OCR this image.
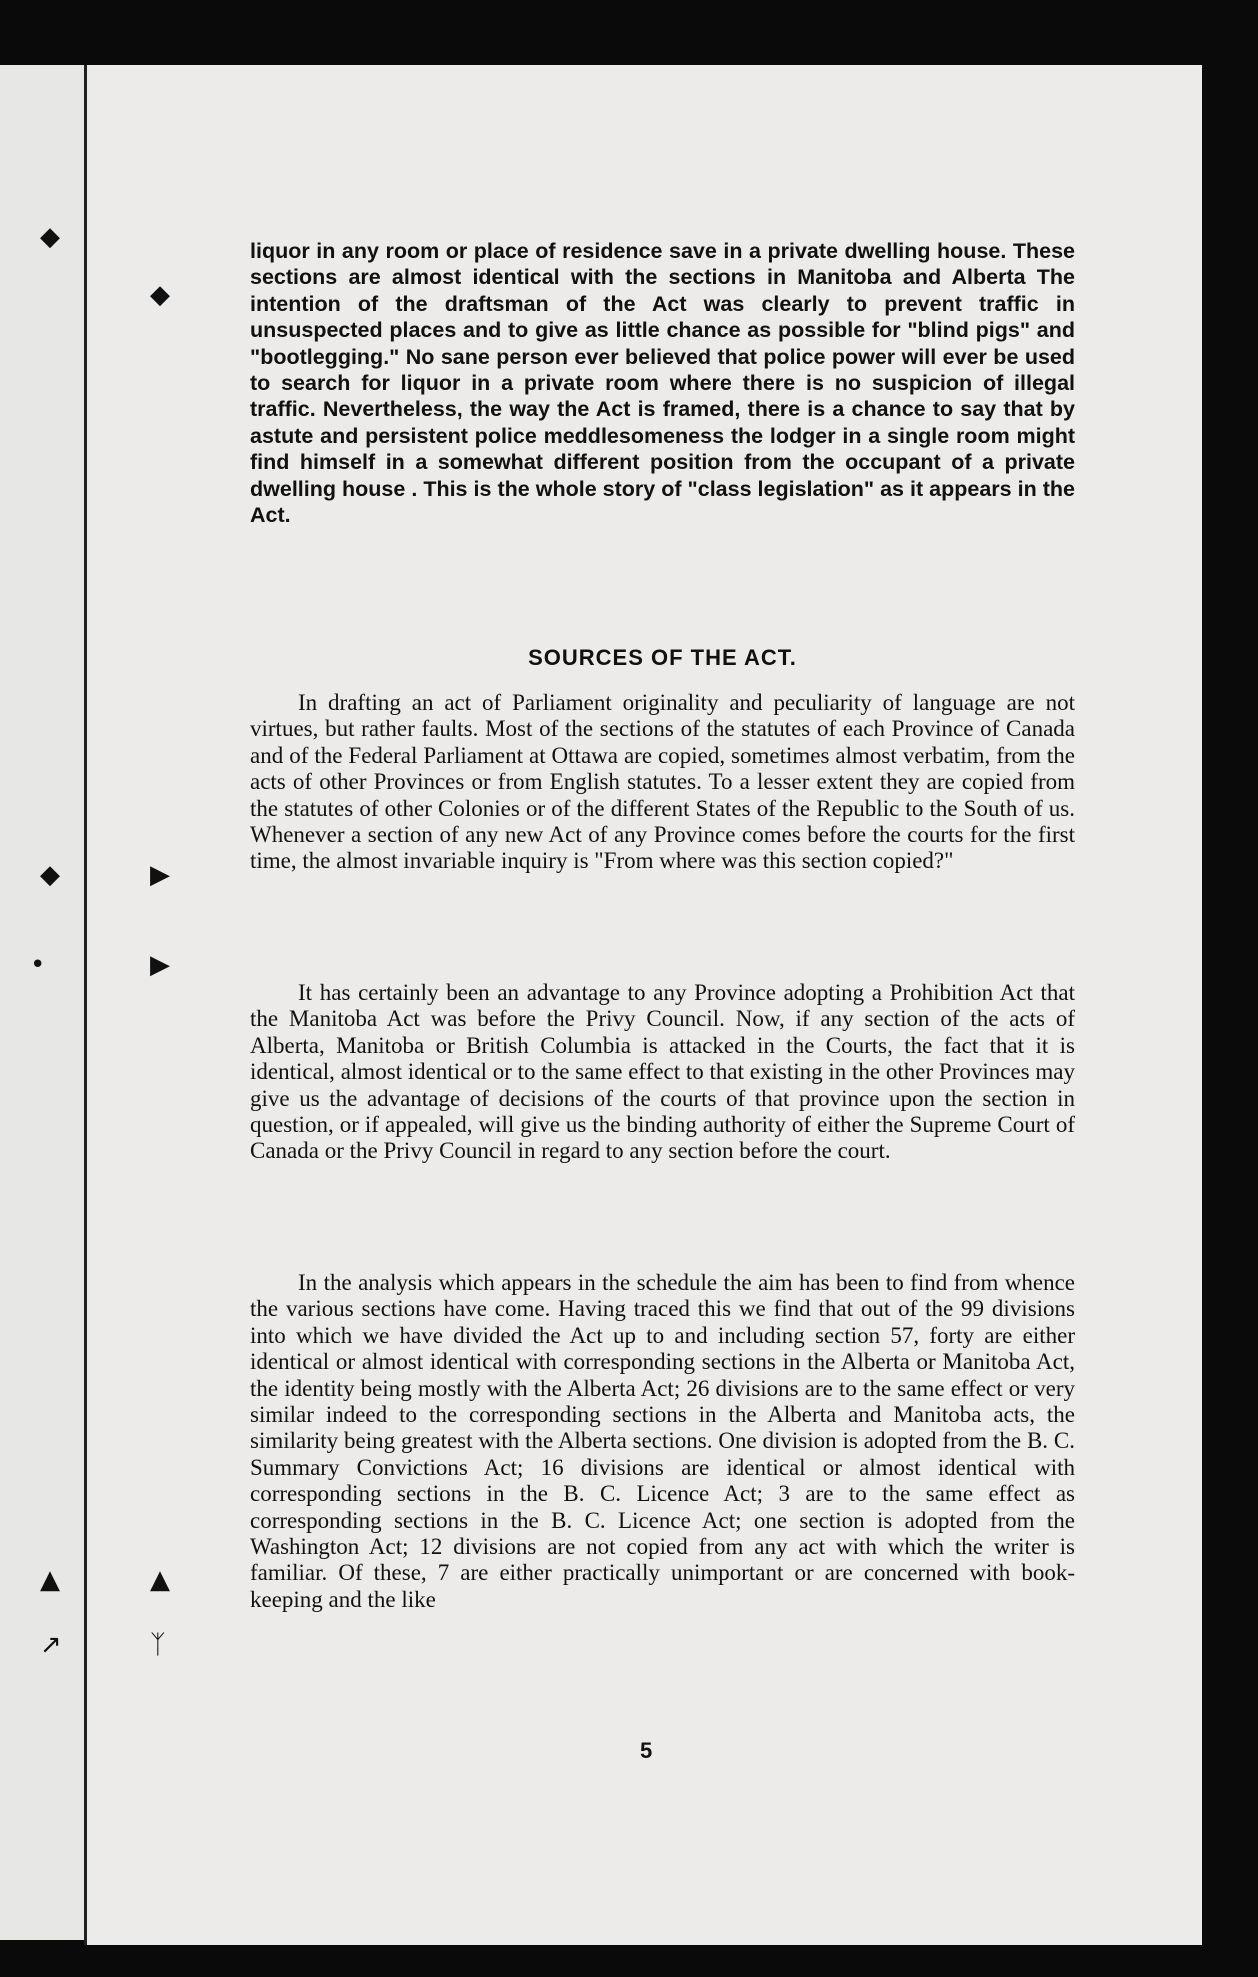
◆
◆
•
▲
↗
◆
▶
▶
▲
ᛉ

liquor in any room or place of residence save in a private dwelling house. These sections are almost identical with the sections in Manitoba and Alberta The intention of the draftsman of the Act was clearly to prevent traffic in unsuspected places and to give as little chance as possible for "blind pigs" and "bootlegging." No sane person ever believed that police power will ever be used to search for liquor in a private room where there is no suspicion of illegal traffic. Nevertheless, the way the Act is framed, there is a chance to say that by astute and persistent police meddlesomeness the lodger in a single room might find himself in a somewhat different position from the occupant of a private dwelling house . This is the whole story of "class legislation" as it appears in the Act.

SOURCES OF THE ACT.

In drafting an act of Parliament originality and peculiarity of language are not virtues, but rather faults. Most of the sections of the statutes of each Province of Canada and of the Federal Parliament at Ottawa are copied, sometimes almost verbatim, from the acts of other Provinces or from English statutes. To a lesser extent they are copied from the statutes of other Colonies or of the different States of the Republic to the South of us. Whenever a section of any new Act of any Province comes before the courts for the first time, the almost invariable inquiry is "From where was this section copied?"

It has certainly been an advantage to any Province adopting a Prohibition Act that the Manitoba Act was before the Privy Council. Now, if any section of the acts of Alberta, Manitoba or British Columbia is attacked in the Courts, the fact that it is identical, almost identical or to the same effect to that existing in the other Provinces may give us the advantage of decisions of the courts of that province upon the section in question, or if appealed, will give us the binding authority of either the Supreme Court of Canada or the Privy Council in regard to any section before the court.

In the analysis which appears in the schedule the aim has been to find from whence the various sections have come. Having traced this we find that out of the 99 divisions into which we have divided the Act up to and including section 57, forty are either identical or almost identical with corresponding sections in the Alberta or Manitoba Act, the identity being mostly with the Alberta Act; 26 divisions are to the same effect or very similar indeed to the corresponding sections in the Alberta and Manitoba acts, the similarity being greatest with the Alberta sections. One division is adopted from the B. C. Summary Convictions Act; 16 divisions are identical or almost identical with corresponding sections in the B. C. Licence Act; 3 are to the same effect as corresponding sections in the B. C. Licence Act; one section is adopted from the Washington Act; 12 divisions are not copied from any act with which the writer is familiar. Of these, 7 are either practically unimportant or are concerned with book-keeping and the like

5
